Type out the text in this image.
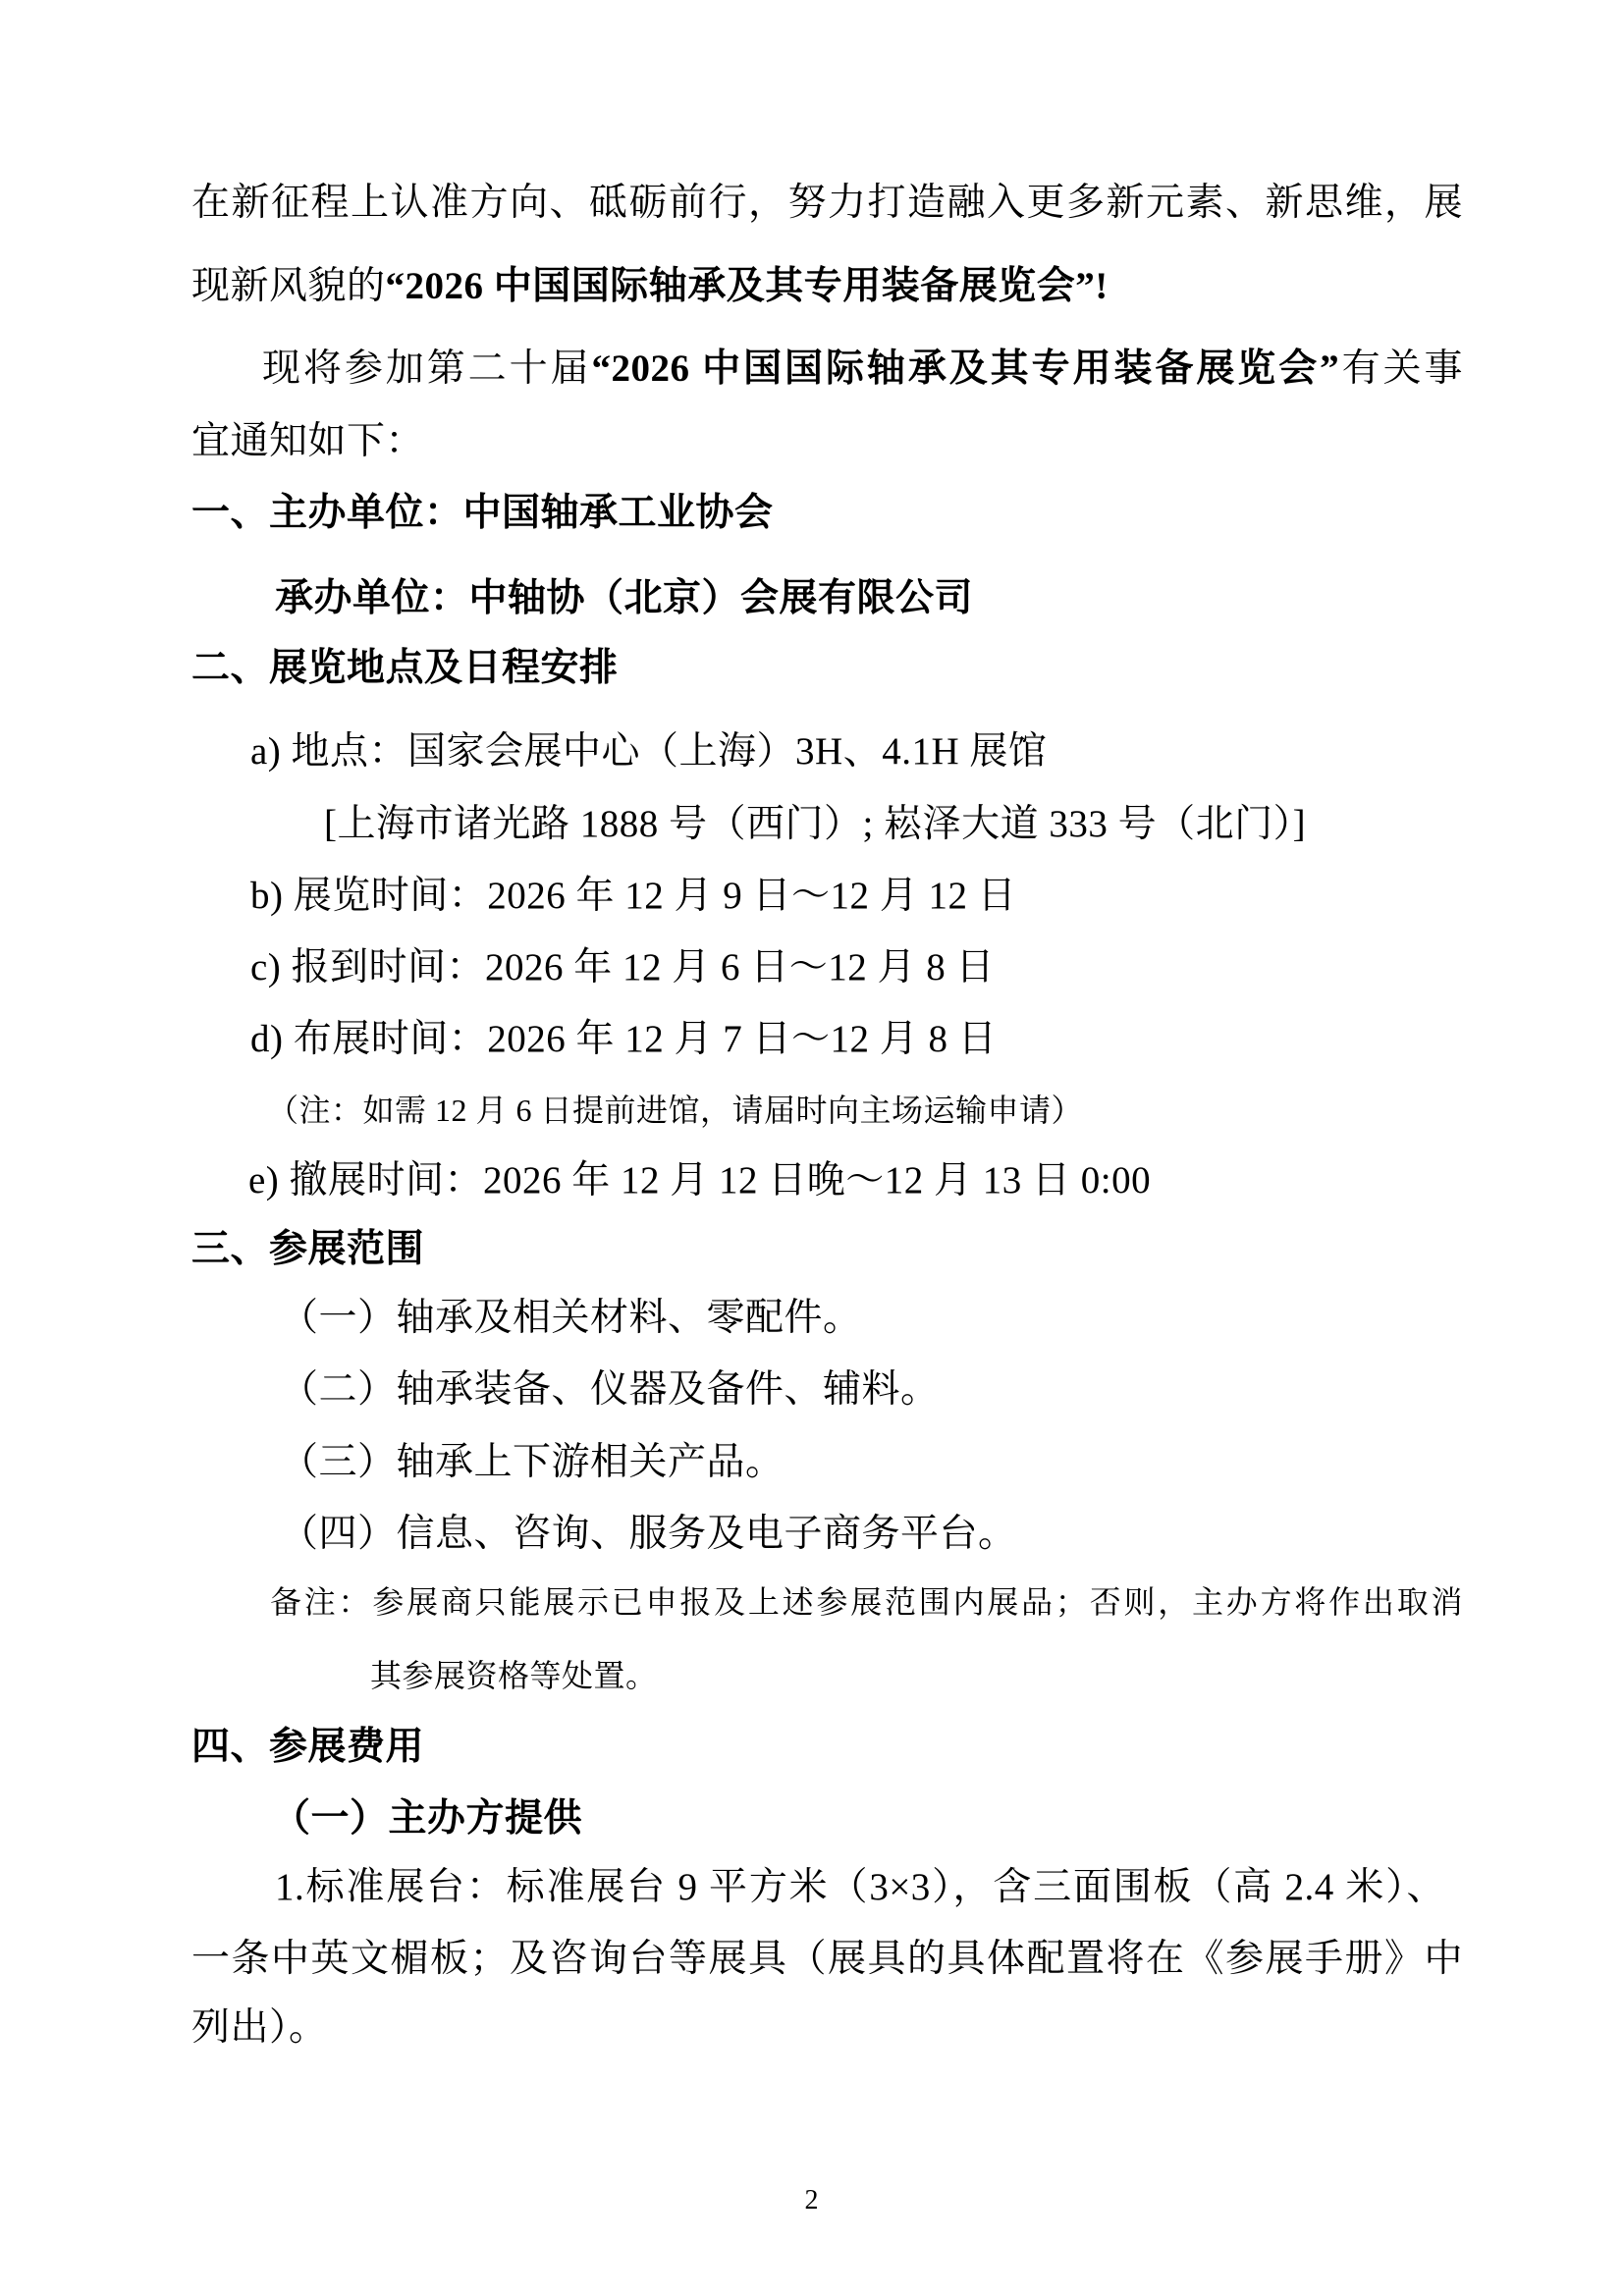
在新征程上认准方向、砥砺前行，努力打造融入更多新元素、新思维，展
现新风貌的“2026 中国国际轴承及其专用装备展览会”!
现将参加第二十届“2026 中国国际轴承及其专用装备展览会”有关事
宜通知如下：
一、主办单位：中国轴承工业协会
承办单位：中轴协（北京）会展有限公司
二、展览地点及日程安排
a) 地点：国家会展中心（上海）3H、4.1H 展馆
[上海市诸光路 1888 号（西门）; 崧泽大道 333 号（北门）]
b) 展览时间：2026 年 12 月 9 日～12 月 12 日
c) 报到时间：2026 年 12 月 6 日～12 月 8 日
d) 布展时间：2026 年 12 月 7 日～12 月 8 日
（注：如需 12 月 6 日提前进馆，请届时向主场运输申请）
e) 撤展时间：2026 年 12 月 12 日晚～12 月 13 日 0:00
三、参展范围
（一）轴承及相关材料、零配件。
（二）轴承装备、仪器及备件、辅料。
（三）轴承上下游相关产品。
（四）信息、咨询、服务及电子商务平台。
备注：参展商只能展示已申报及上述参展范围内展品；否则，主办方将作出取消
其参展资格等处置。
四、参展费用
（一）主办方提供
1.标准展台：标准展台 9 平方米（3×3），含三面围板（高 2.4 米）、
一条中英文楣板；及咨询台等展具（展具的具体配置将在《参展手册》中
列出）。
2
